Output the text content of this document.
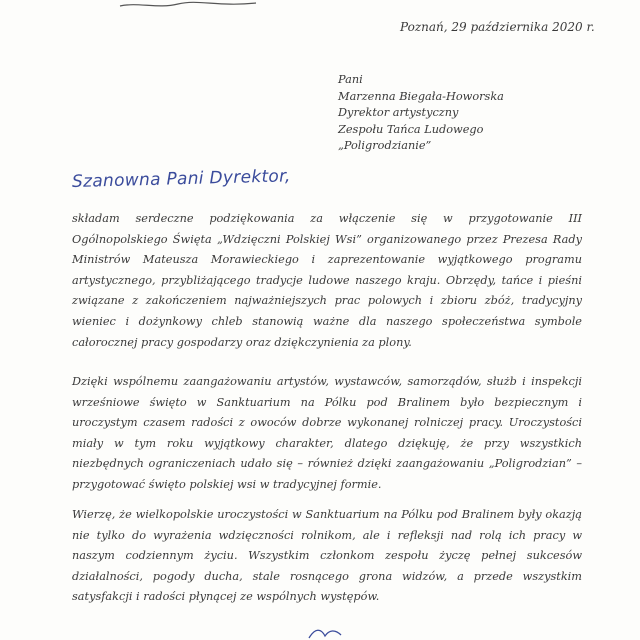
Poznań, 29 października 2020 r.
Pani
Marzenna Biegała-Howorska
Dyrektor artystyczny
Zespołu Tańca Ludowego
„Poligrodzianie”
Szanowna Pani Dyrektor,

składam serdeczne podziękowania za włączenie się w przygotowanie III Ogólnopolskiego Święta „Wdzięczni Polskiej Wsi” organizowanego przez Prezesa Rady Ministrów Mateusza Morawieckiego i zaprezentowanie wyjątkowego programu artystycznego, przybliżającego tradycje ludowe naszego kraju. Obrzędy, tańce i pieśni związane z zakończeniem najważniejszych prac polowych i zbioru zbóż, tradycyjny wieniec i dożynkowy chleb stanowią ważne dla naszego społeczeństwa symbole całorocznej pracy gospodarzy oraz dziękczynienia za plony.

Dzięki wspólnemu zaangażowaniu artystów, wystawców, samorządów, służb i inspekcji wrześniowe święto w Sanktuarium na Pólku pod Bralinem było bezpiecznym i uroczystym czasem radości z owoców dobrze wykonanej rolniczej pracy. Uroczystości miały w tym roku wyjątkowy charakter, dlatego dziękuję, że przy wszystkich niezbędnych ograniczeniach udało się – również dzięki zaangażowaniu „Poligrodzian” – przygotować święto polskiej wsi w tradycyjnej formie.

Wierzę, że wielkopolskie uroczystości w Sanktuarium na Pólku pod Bralinem były okazją nie tylko do wyrażenia wdzięczności rolnikom, ale i refleksji nad rolą ich pracy w naszym codziennym życiu. Wszystkim członkom zespołu życzę pełnej sukcesów działalności, pogody ducha, stale rosnącego grona widzów, a przede wszystkim satysfakcji i radości płynącej ze wspólnych występów.
